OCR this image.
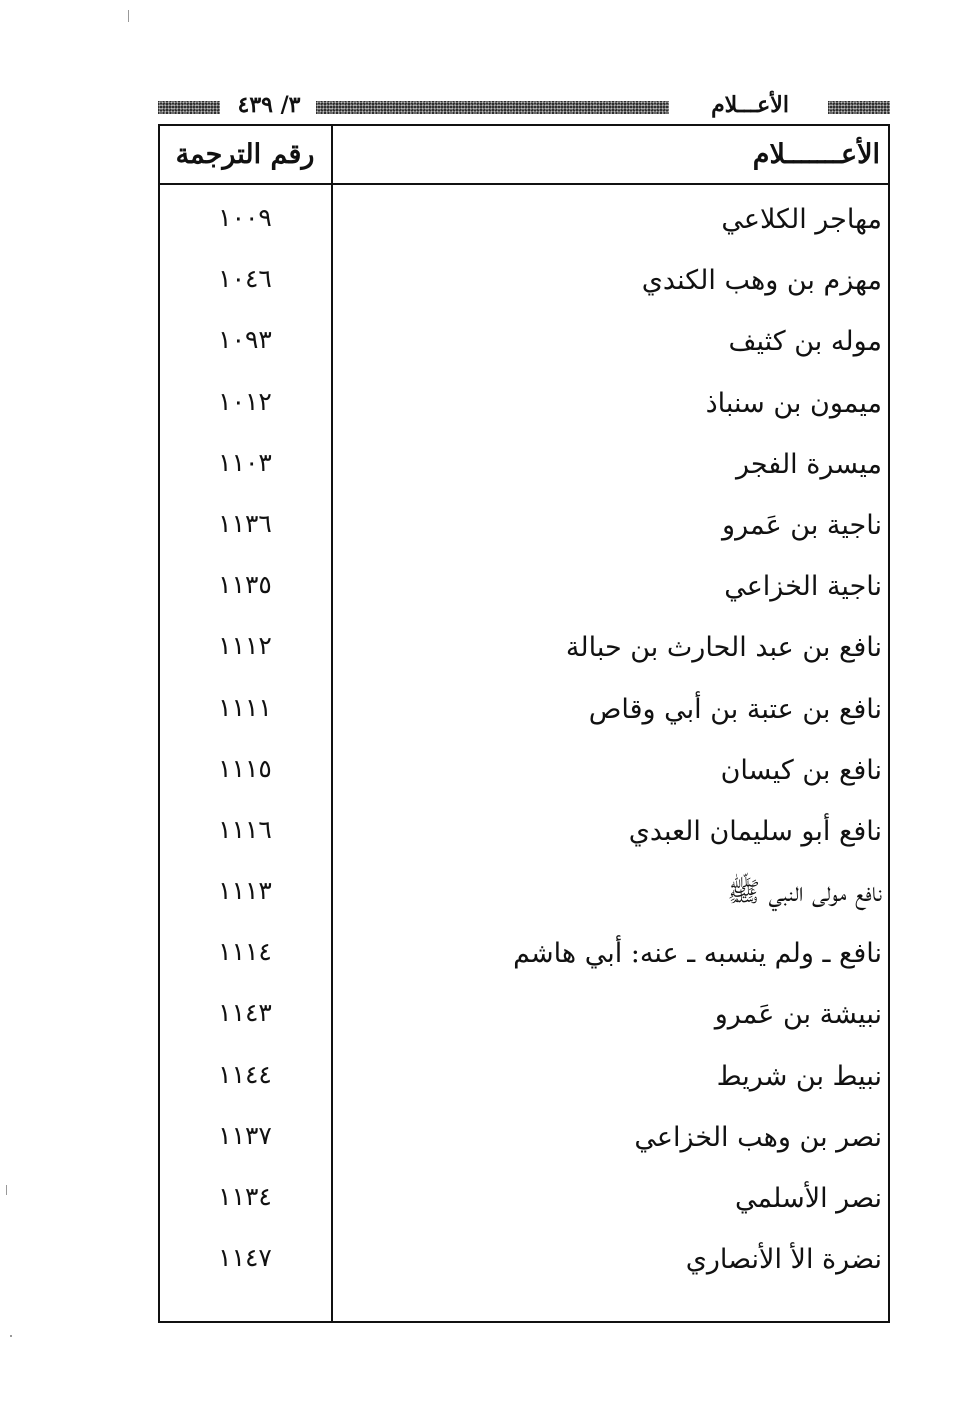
٣/ ٤٣٩	الأعـــلام
الأعـــــــلام
رقم الترجمة
مهاجر الكلاعي
١٠٠٩
مهزم بن وهب الكندي
١٠٤٦
موله بن كثيف
١٠٩٣
ميمون بن سنباذ
١٠١٢
ميسرة الفجر
١١٠٣
ناجية بن عَمرو
١١٣٦
ناجية الخزاعي
١١٣٥
نافع بن عبد الحارث بن حبالة
١١١٢
نافع بن عتبة بن أبي وقاص
١١١١
نافع بن كيسان
١١١٥
نافع أبو سليمان العبدي
١١١٦
نافع مولى النبي ﷺ
١١١٣
نافع ـ ولم ينسبه ـ عنه: أبي هاشم
١١١٤
نبيشة بن عَمرو
١١٤٣
نبيط بن شريط
١١٤٤
نصر بن وهب الخزاعي
١١٣٧
نصر الأسلمي
١١٣٤
نضرة الأ الأنصاري
١١٤٧
